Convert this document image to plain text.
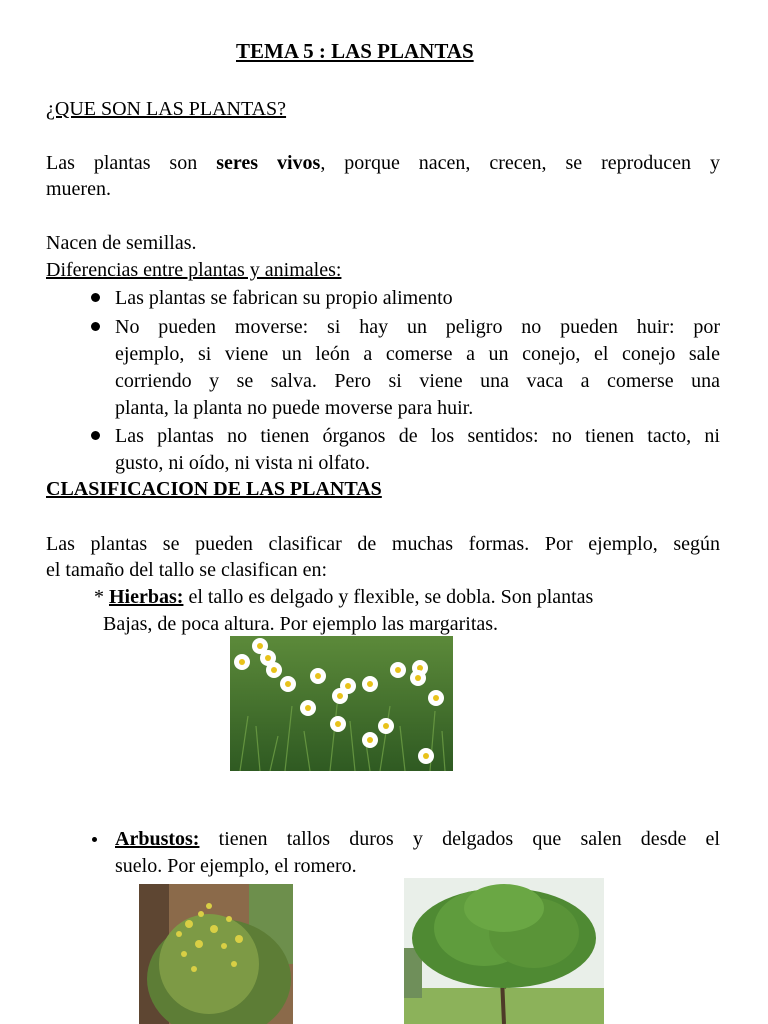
TEMA 5 : LAS PLANTAS
¿QUE SON LAS PLANTAS?
Las plantas son seres vivos, porque nacen, crecen, se reproducen y
mueren.
Nacen de semillas.
Diferencias entre plantas y animales:
Las plantas se fabrican su propio alimento
No pueden moverse: si hay un peligro no pueden huir: por
ejemplo, si viene un león a comerse a un conejo, el conejo sale
corriendo y se salva. Pero si viene una vaca a comerse una
planta, la planta no puede moverse para huir.
Las plantas no tienen órganos de los sentidos: no tienen tacto, ni
gusto, ni oído, ni vista ni olfato.
CLASIFICACION DE LAS PLANTAS
Las plantas se pueden clasificar de muchas formas. Por ejemplo, según
el tamaño del tallo se clasifican en:
* Hierbas: el tallo es delgado y flexible, se dobla. Son plantas
Bajas, de poca altura. Por ejemplo las margaritas.
Arbustos: tienen tallos duros y delgados que salen desde el
suelo. Por ejemplo, el romero.
